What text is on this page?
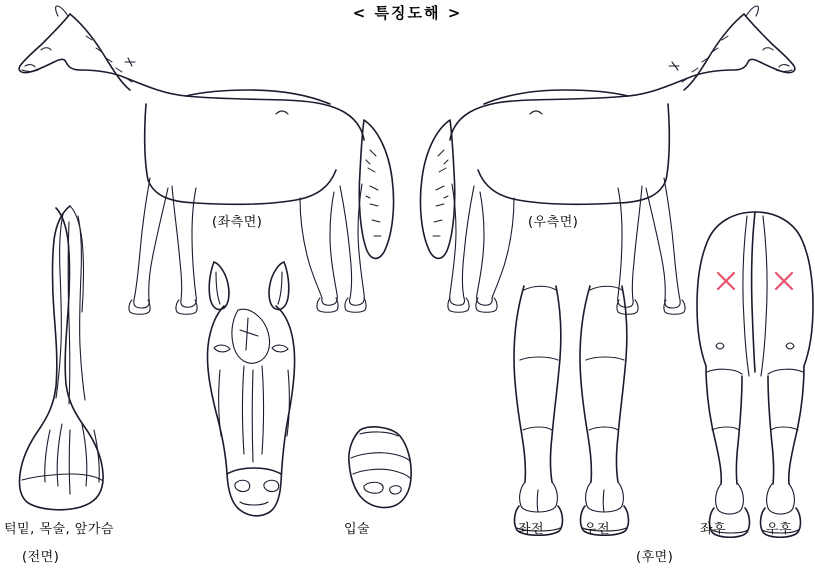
< 특징도해 >
(좌측면)	(우측면)
턱밑, 목술, 앞가슴
(전면)
입술	좌전	우전	좌후	우후
(후면)
